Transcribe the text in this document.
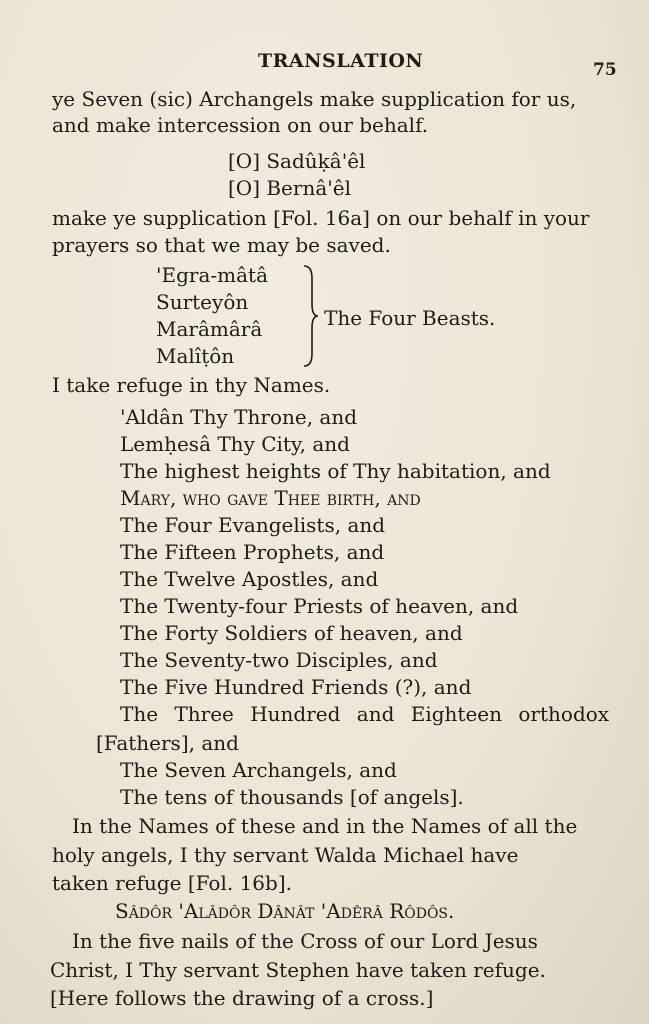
TRANSLATION	75
ye Seven (sic) Archangels make supplication for us,
and make intercession on our behalf.
[O] Sadûḳâ'êl
[O] Bernâ'êl
make ye supplication [Fol. 16a] on our behalf in your
prayers so that we may be saved.
'Egra-mâtâ
Surteyôn
Marâmârâ
Malîṭôn
The Four Beasts.
I take refuge in thy Names.
'Aldân Thy Throne, and
Lemḥesâ Thy City, and
The highest heights of Thy habitation, and
Mary, who gave Thee birth, and
The Four Evangelists, and
The Fifteen Prophets, and
The Twelve Apostles, and
The Twenty-four Priests of heaven, and
The Forty Soldiers of heaven, and
The Seventy-two Disciples, and
The Five Hundred Friends (?), and
The Three Hundred and Eighteen orthodox
[Fathers], and
The Seven Archangels, and
The tens of thousands [of angels].
In the Names of these and in the Names of all the
holy angels, I thy servant Walda Michael have
taken refuge [Fol. 16b].
Sâdôr 'Alâdôr Dânât 'Adêrâ Rôdôs.
In the five nails of the Cross of our Lord Jesus
Christ, I Thy servant Stephen have taken refuge.
[Here follows the drawing of a cross.]
